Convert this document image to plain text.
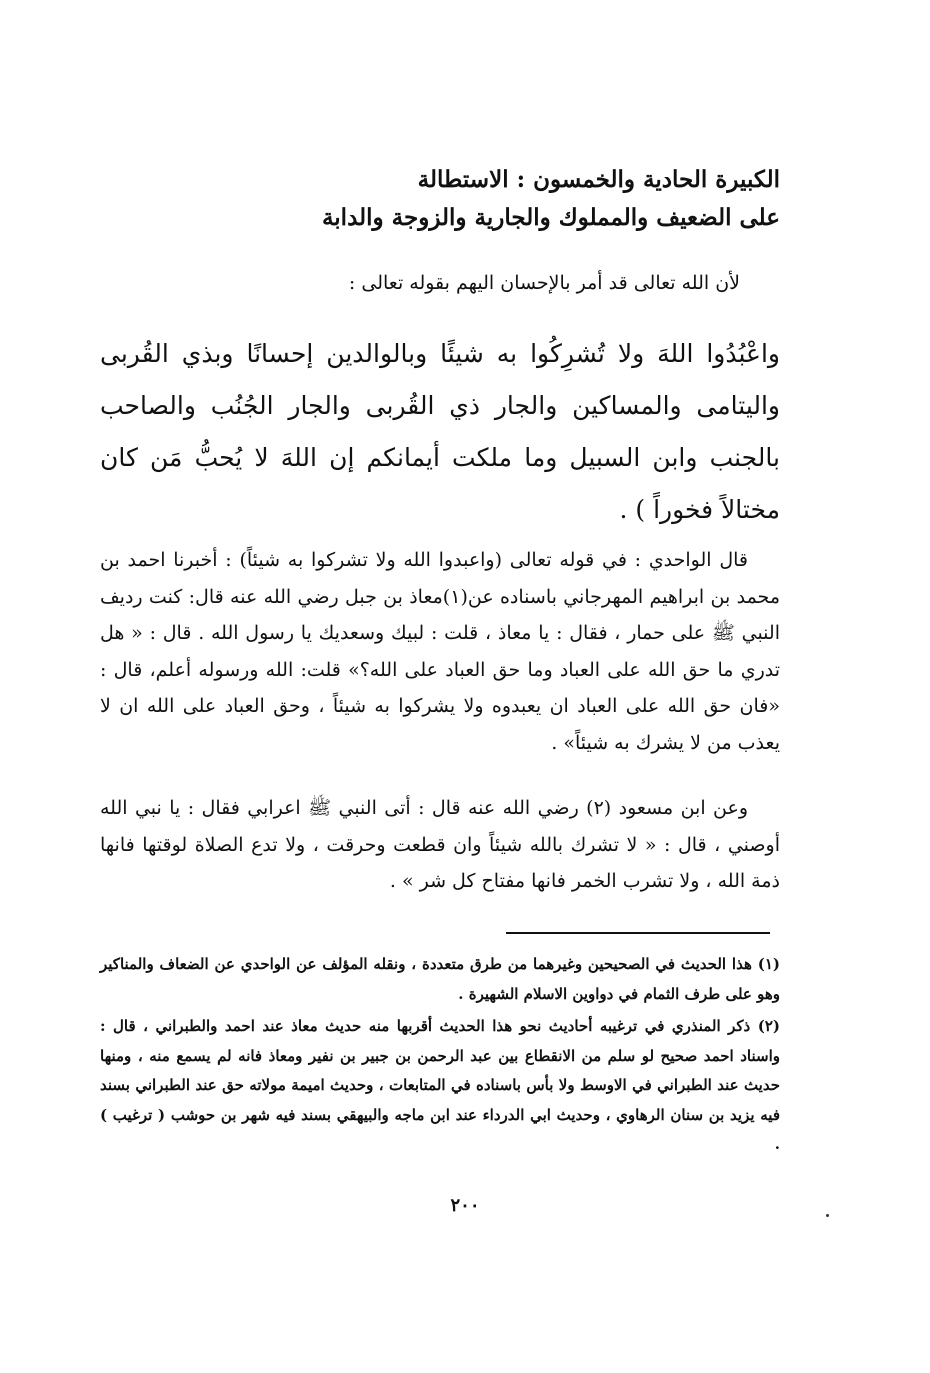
الكبيرة الحادية والخمسون : الاستطالة
على الضعيف والمملوك والجارية والزوجة والدابة

لأن الله تعالى قد أمر بالإحسان اليهم بقوله تعالى :

واعْبُدُوا اللهَ ولا تُشرِكُوا به شيئًا وبالوالدين إحسانًا وبذي القُربى واليتامى والمساكين والجار ذي القُربى والجار الجُنُب والصاحب بالجنب وابن السبيل وما ملكت أيمانكم إن اللهَ لا يُحبُّ مَن كان مختالاً فخوراً ) .

قال الواحدي : في قوله تعالى (واعبدوا الله ولا تشركوا به شيئاً) : أخبرنا احمد بن محمد بن ابراهيم المهرجاني باسناده عن(١)معاذ بن جبل رضي الله عنه قال: كنت رديف النبي ﷺ على حمار ، فقال : يا معاذ ، قلت : لبيك وسعديك يا رسول الله . قال : « هل تدري ما حق الله على العباد وما حق العباد على الله؟» قلت: الله ورسوله أعلم، قال : «فان حق الله على العباد ان يعبدوه ولا يشركوا به شيئاً ، وحق العباد على الله ان لا يعذب من لا يشرك به شيئاً» .

وعن ابن مسعود (٢) رضي الله عنه قال : أتى النبي ﷺ اعرابي فقال : يا نبي الله أوصني ، قال : « لا تشرك بالله شيئاً وان قطعت وحرقت ، ولا تدع الصلاة لوقتها فانها ذمة الله ، ولا تشرب الخمر فانها مفتاح كل شر » .

(١) هذا الحديث في الصحيحين وغيرهما من طرق متعددة ، ونقله المؤلف عن الواحدي عن الضعاف والمناكير وهو على طرف الثمام في دواوين الاسلام الشهيرة .

(٢) ذكر المنذري في ترغيبه أحاديث نحو هذا الحديث أقربها منه حديث معاذ عند احمد والطبراني ، قال : واسناد احمد صحيح لو سلم من الانقطاع بين عبد الرحمن بن جبير بن نفير ومعاذ فانه لم يسمع منه ، ومنها حديث عند الطبراني في الاوسط ولا بأس باسناده في المتابعات ، وحديث اميمة مولاته حق عند الطبراني بسند فيه يزيد بن سنان الرهاوي ، وحديث ابي الدرداء عند ابن ماجه والبيهقي بسند فيه شهر بن حوشب ( ترغيب ) .

٢٠٠
